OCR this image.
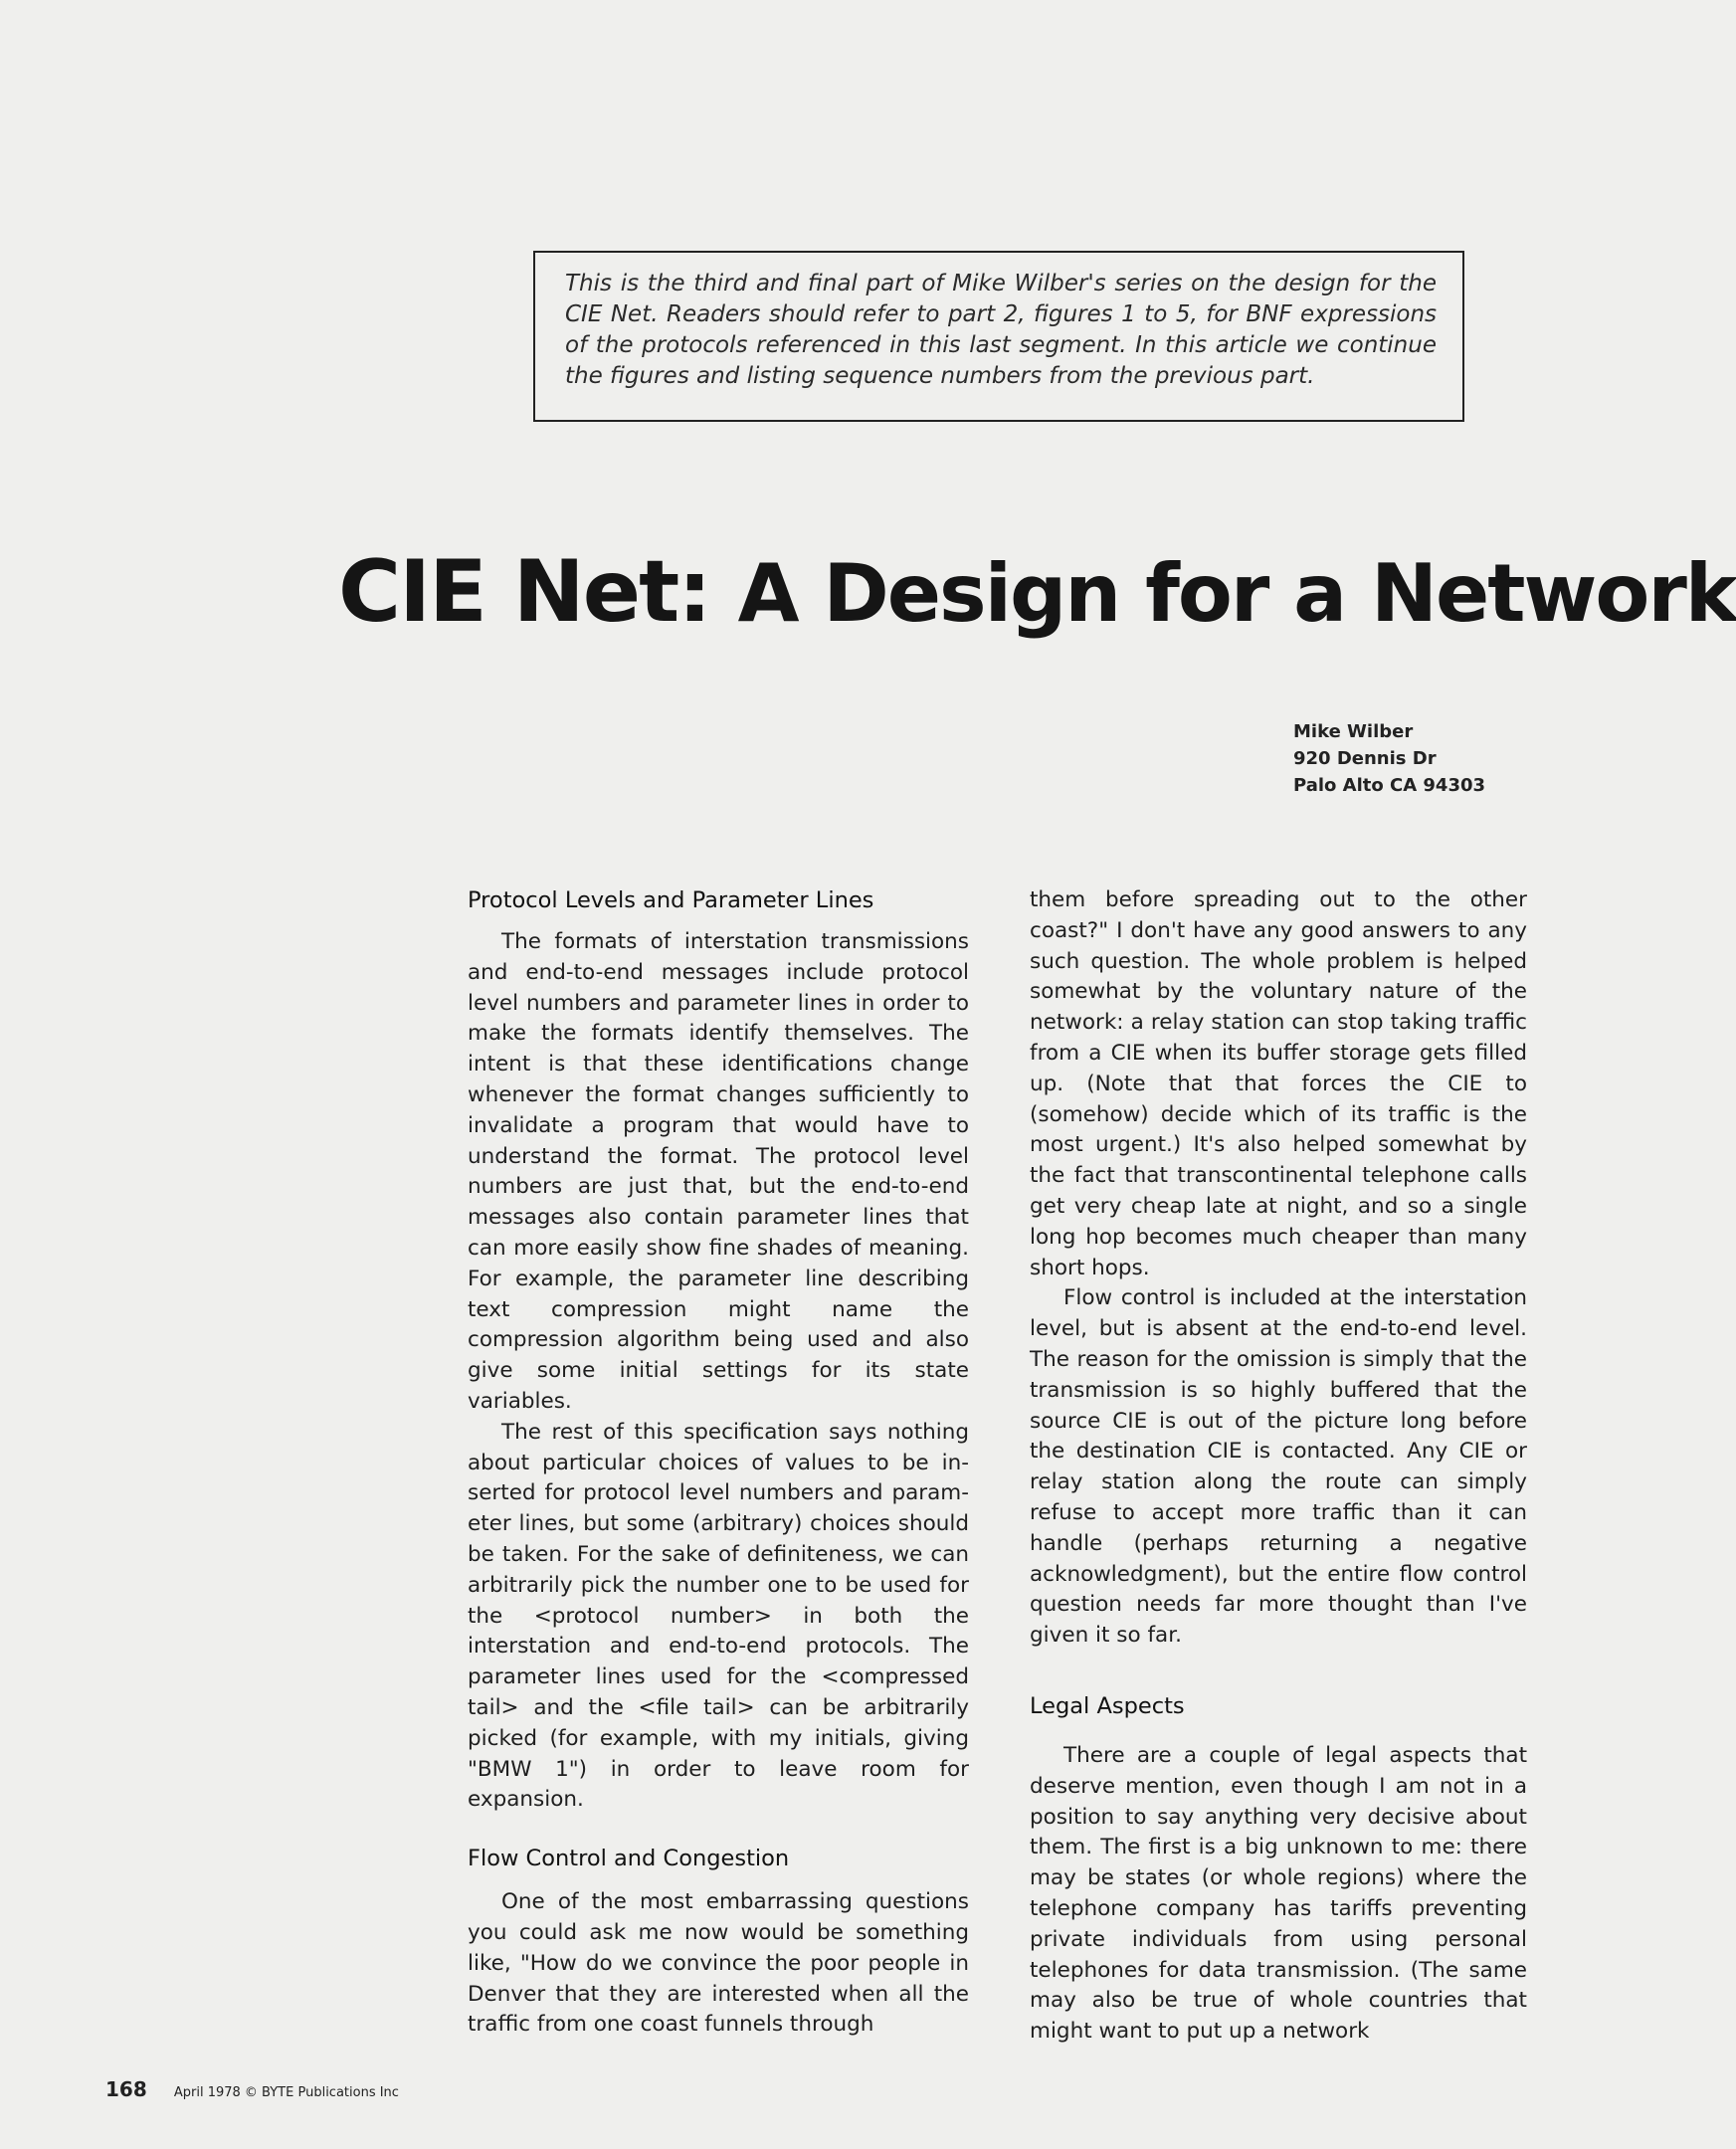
This is the third and final part of Mike Wilber's series on the design for the CIE Net. Readers should refer to part 2, figures 1 to 5, for BNF expressions of the protocols referenced in this last segment. In this article we continue the figures and listing sequence numbers from the previous part.

CIE Net: A Design for a Network
Mike Wilber
920 Dennis Dr
Palo Alto CA 94303
Protocol Levels and Parameter Lines

The formats of interstation transmissions and end-to-end messages include protocol level numbers and parameter lines in order to make the formats identify themselves. The intent is that these identifications change whenever the format changes sufficiently to invalidate a program that would have to understand the format. The protocol level numbers are just that, but the end-to-end messages also contain parameter lines that can more easily show fine shades of meaning. For example, the parameter line describing text compression might name the compression algorithm being used and also give some initial settings for its state variables.

The rest of this specification says nothing about particular choices of values to be inserted for protocol level numbers and parameter lines, but some (arbitrary) choices should be taken. For the sake of definiteness, we can arbitrarily pick the number one to be used for the <protocol number> in both the interstation and end-to-end protocols. The parameter lines used for the <compressed tail> and the <file tail> can be arbitrarily picked (for example, with my initials, giving "BMW 1") in order to leave room for expansion.

Flow Control and Congestion

One of the most embarrassing questions you could ask me now would be something like, "How do we convince the poor people in Denver that they are interested when all the traffic from one coast funnels through

them before spreading out to the other coast?" I don't have any good answers to any such question. The whole problem is helped somewhat by the voluntary nature of the network: a relay station can stop taking traffic from a CIE when its buffer storage gets filled up. (Note that that forces the CIE to (somehow) decide which of its traffic is the most urgent.) It's also helped somewhat by the fact that transcontinental telephone calls get very cheap late at night, and so a single long hop becomes much cheaper than many short hops.

Flow control is included at the interstation level, but is absent at the end-to-end level. The reason for the omission is simply that the transmission is so highly buffered that the source CIE is out of the picture long before the destination CIE is contacted. Any CIE or relay station along the route can simply refuse to accept more traffic than it can handle (perhaps returning a negative acknowledgment), but the entire flow control question needs far more thought than I've given it so far.

Legal Aspects

There are a couple of legal aspects that deserve mention, even though I am not in a position to say anything very decisive about them. The first is a big unknown to me: there may be states (or whole regions) where the telephone company has tariffs preventing private individuals from using personal telephones for data transmission. (The same may also be true of whole countries that might want to put up a network

168 April 1978 © BYTE Publications Inc
